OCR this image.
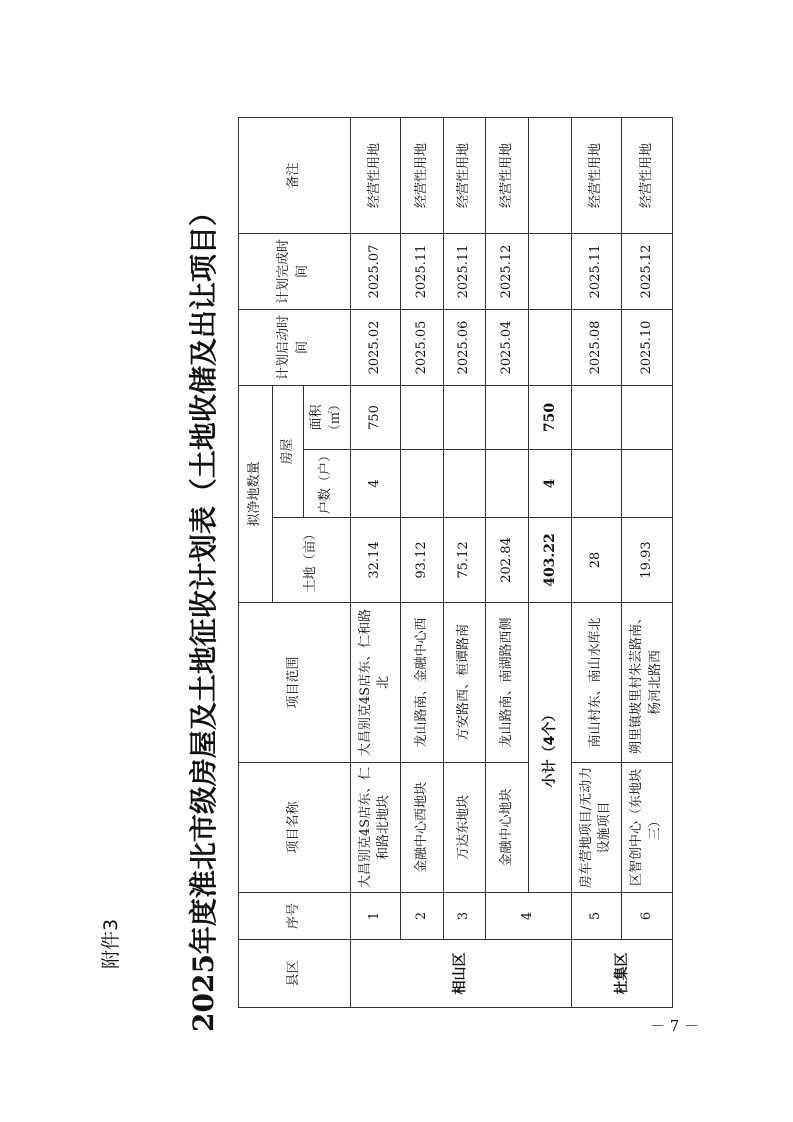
附件3 2025年度淮北市级房屋及土地征收计划表（土地收储及出让项目）	县区	序号	项目名称	项目范围	拟净地数量			计划启动时间	计划完成时间	备注
				土地（亩）	房屋				
					户数（户）	面积（㎡）			
相山区	1	大昌别克4S店东、仁和路北地块	大昌别克4S店东、仁和路北	32.14	4	750	2025.02	2025.07	经营性用地
	2	金融中心西地块	龙山路南、金融中心西	93.12			2025.05	2025.11	经营性用地
	3	万达东地块	方安路西、桓谭路南	75.12			2025.06	2025.11	经营性用地
	4	金融中心地块	龙山路南、南湖路西侧	202.84			2025.04	2025.12	经营性用地
		小计（4个）		403.22	4	750			
杜集区	5	房车营地项目/无动力设施项目	南山村东、南山水库北	28			2025.08	2025.11	经营性用地
	6	区智创中心（东地块三）	朔里镇坡里村朱芸路南、杨河北路西	19.93			2025.10	2025.12	经营性用地
－ 7 －
